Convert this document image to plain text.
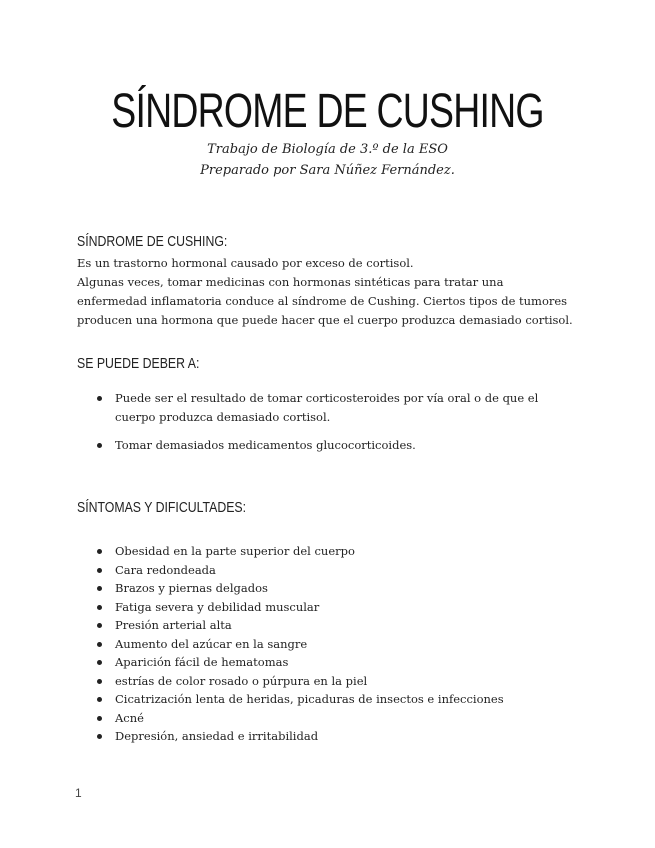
SÍNDROME DE CUSHING
Trabajo de Biología de 3.º de la ESO
Preparado por Sara Núñez Fernández.
SÍNDROME DE CUSHING:

Es un trastorno hormonal causado por exceso de cortisol.

Algunas veces, tomar medicinas con hormonas sintéticas para tratar una enfermedad inflamatoria conduce al síndrome de Cushing. Ciertos tipos de tumores producen una hormona que puede hacer que el cuerpo produzca demasiado cortisol.

SE PUEDE DEBER A:
Puede ser el resultado de tomar corticosteroides por vía oral o de que el cuerpo produzca demasiado cortisol.
Tomar demasiados medicamentos glucocorticoides.
SÍNTOMAS Y DIFICULTADES:
Obesidad en la parte superior del cuerpo
Cara redondeada
Brazos y piernas delgados
Fatiga severa y debilidad muscular
Presión arterial alta
Aumento del azúcar en la sangre
Aparición fácil de hematomas
estrías de color rosado o púrpura en la piel
Cicatrización lenta de heridas, picaduras de insectos e infecciones
Acné
Depresión, ansiedad e irritabilidad
1
